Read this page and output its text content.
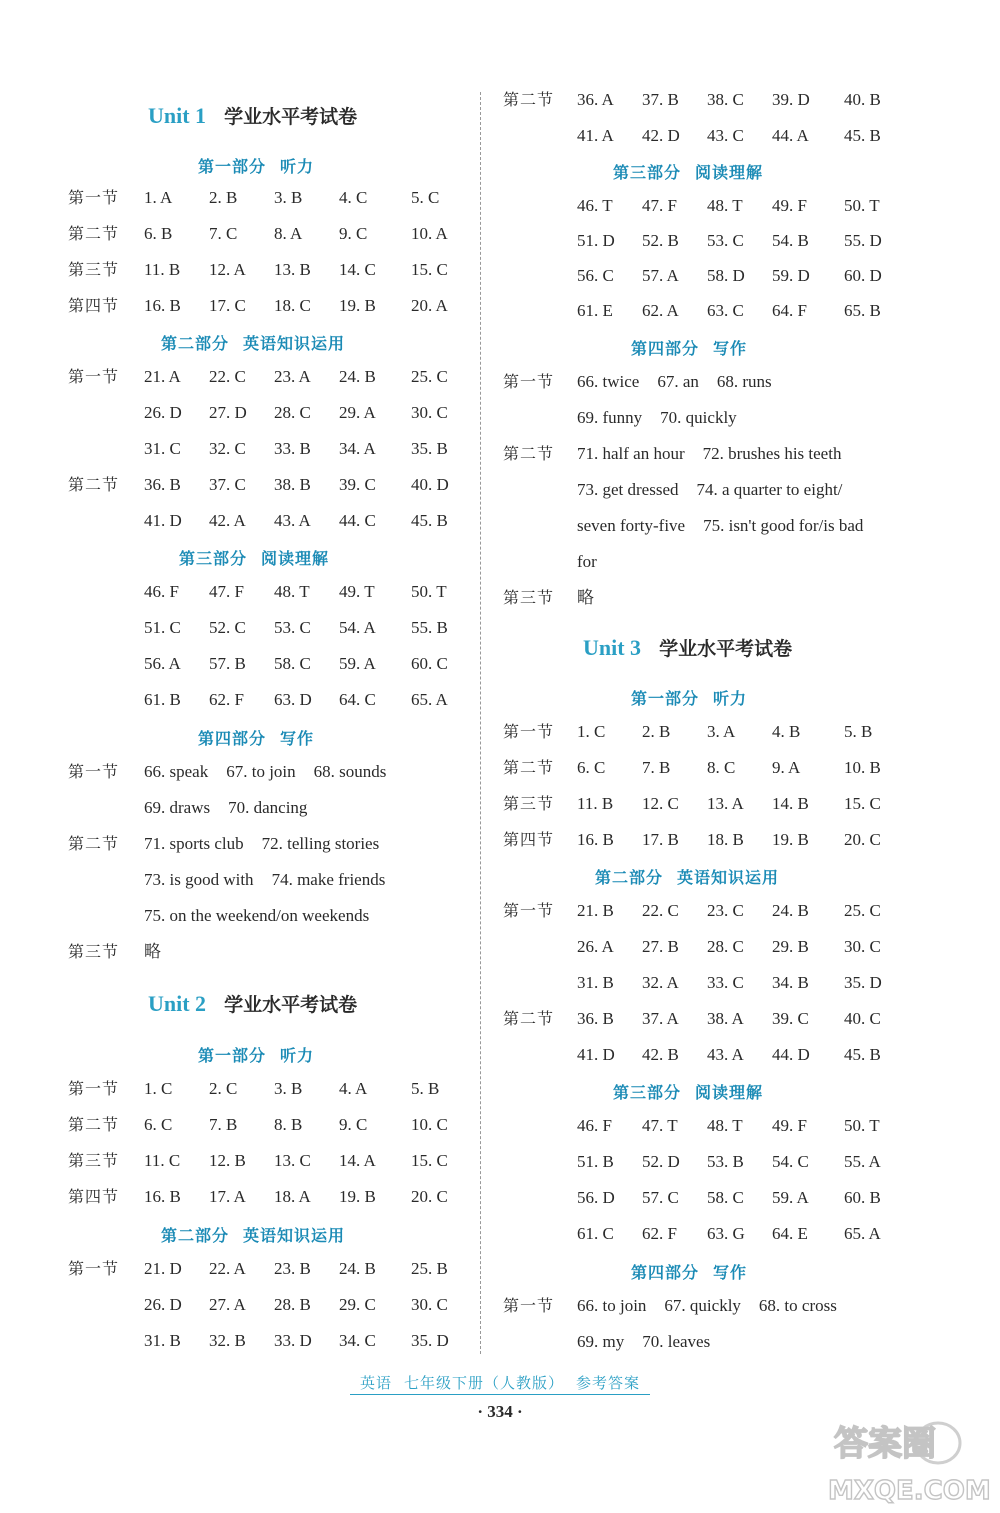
Unit 1 学业水平考试卷
第一部分 听力
第一节 1. A 2. B 3. B 4. C	5. C
第二节 6. B 7. C 8. A 9. C	10. A
第三节 11. B 12. A 13. B 14. C 15. C
第四节 16. B 17. C 18. C 19. B 20. A
第二部分 英语知识运用
第一节 21. A 22. C 23. A 24. B 25. C
26. D 27. D 28. C 29. A 30. C
31. C 32. C 33. B 34. A 35. B
第二节 36. B 37. C 38. B 39. C 40. D
41. D 42. A 43. A 44. C 45. B
第三部分 阅读理解
46. F 47. F 48. T 49. T 50. T
51. C 52. C 53. C 54. A 55. B
56. A 57. B 58. C 59. A 60. C
61. B 62. F 63. D 64. C 65. A
第四部分 写作
第一节 66. speak 67. to join 68. sounds
69. draws 70. dancing
第二节 71. sports club 72. telling stories
73. is good with 74. make friends
75. on the weekend/on weekends
第三节 略
Unit 2 学业水平考试卷
第一部分 听力
第一节 1. C 2. C 3. B 4. A	5. B
第二节 6. C 7. B 8. B 9. C	10. C
第三节 11. C 12. B 13. C 14. A 15. C
第四节 16. B 17. A 18. A 19. B 20. C
第二部分 英语知识运用
第一节 21. D 22. A 23. B 24. B 25. B
26. D 27. A 28. B 29. C 30. C
31. B 32. B 33. D 34. C 35. D
第二节 36. A 37. B 38. C 39. D 40. B
41. A 42. D 43. C 44. A 45. B
第三部分 阅读理解
46. T 47. F 48. T 49. F 50. T
51. D 52. B 53. C 54. B 55. D
56. C 57. A 58. D 59. D 60. D
61. E 62. A 63. C 64. F 65. B
第四部分 写作
第一节 66. twice 67. an 68. runs
69. funny 70. quickly
第二节 71. half an hour 72. brushes his teeth
73. get dressed 74. a quarter to eight/
seven forty-five 75. isn't good for/is bad
for
第三节 略
Unit 3 学业水平考试卷
第一部分 听力
第一节 1. C 2. B 3. A 4. B	5. B
第二节 6. C 7. B 8. C 9. A	10. B
第三节 11. B 12. C 13. A 14. B 15. C
第四节 16. B 17. B 18. B 19. B 20. C
第二部分 英语知识运用
第一节 21. B 22. C 23. C 24. B 25. C
26. A 27. B 28. C 29. B 30. C
31. B 32. A 33. C 34. B 35. D
第二节 36. B 37. A 38. A 39. C 40. C
41. D 42. B 43. A 44. D 45. B
第三部分 阅读理解
46. F 47. T 48. T 49. F 50. T
51. B 52. D 53. B 54. C 55. A
56. D 57. C 58. C 59. A 60. B
61. C 62. F 63. G 64. E 65. A
第四部分 写作
第一节 66. to join 67. quickly 68. to cross
69. my 70. leaves
英语 七年级下册（人教版） 参考答案
· 334 ·
答案圈
MXQE.COM
